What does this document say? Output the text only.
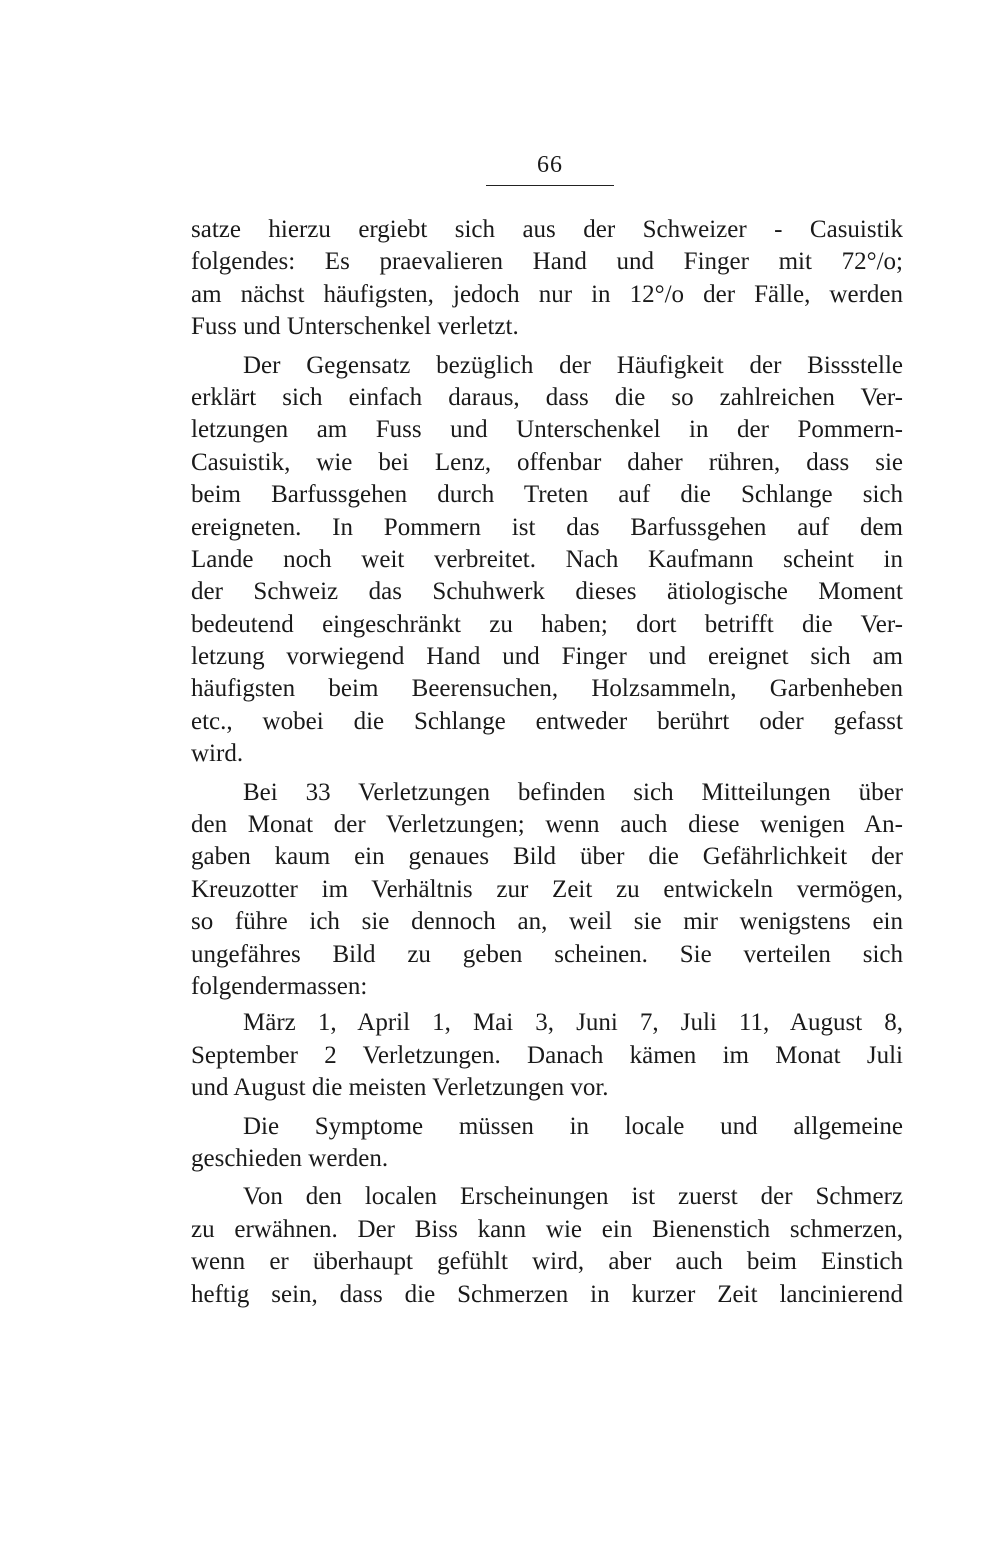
66
satze hierzu ergiebt sich aus der Schweizer - Casuistik
folgendes: Es praevalieren Hand und Finger mit 72°/o;
am nächst häufigsten, jedoch nur in 12°/o der Fälle, werden
Fuss und Unterschenkel verletzt.
Der Gegensatz bezüglich der Häufigkeit der Bissstelle
erklärt sich einfach daraus, dass die so zahlreichen Ver-
letzungen am Fuss und Unterschenkel in der Pommern-
Casuistik, wie bei Lenz, offenbar daher rühren, dass sie
beim Barfussgehen durch Treten auf die Schlange sich
ereigneten. In Pommern ist das Barfussgehen auf dem
Lande noch weit verbreitet. Nach Kaufmann scheint in
der Schweiz das Schuhwerk dieses ätiologische Moment
bedeutend eingeschränkt zu haben; dort betrifft die Ver-
letzung vorwiegend Hand und Finger und ereignet sich am
häufigsten beim Beerensuchen, Holzsammeln, Garbenheben
etc., wobei die Schlange entweder berührt oder gefasst
wird.
Bei 33 Verletzungen befinden sich Mitteilungen über
den Monat der Verletzungen; wenn auch diese wenigen An-
gaben kaum ein genaues Bild über die Gefährlichkeit der
Kreuzotter im Verhältnis zur Zeit zu entwickeln vermögen,
so führe ich sie dennoch an, weil sie mir wenigstens ein
ungefähres Bild zu geben scheinen. Sie verteilen sich
folgendermassen:
März 1, April 1, Mai 3, Juni 7, Juli 11, August 8,
September 2 Verletzungen. Danach kämen im Monat Juli
und August die meisten Verletzungen vor.
Die Symptome müssen in locale und allgemeine
geschieden werden.
Von den localen Erscheinungen ist zuerst der Schmerz
zu erwähnen. Der Biss kann wie ein Bienenstich schmerzen,
wenn er überhaupt gefühlt wird, aber auch beim Einstich
heftig sein, dass die Schmerzen in kurzer Zeit lancinierend
